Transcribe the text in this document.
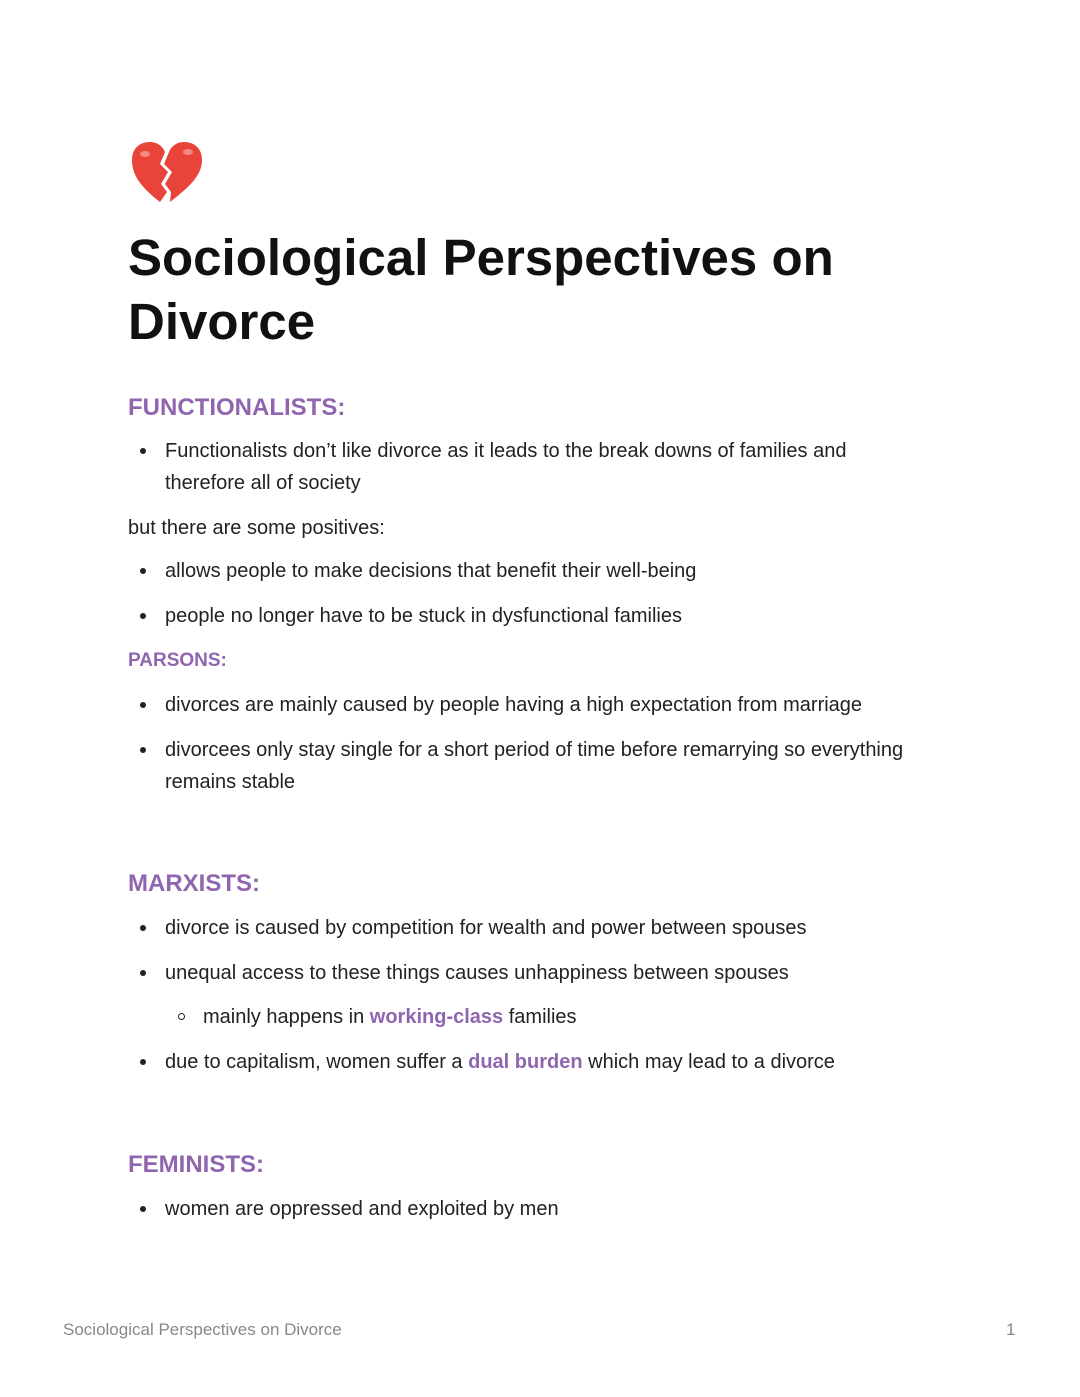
Sociological Perspectives on Divorce
FUNCTIONALISTS:
Functionalists don’t like divorce as it leads to the break downs of families and therefore all of society
but there are some positives:
allows people to make decisions that benefit their well-being
people no longer have to be stuck in dysfunctional families
PARSONS:
divorces are mainly caused by people having a high expectation from marriage
divorcees only stay single for a short period of time before remarrying so everything remains stable
MARXISTS:
divorce is caused by competition for wealth and power between spouses
unequal access to these things causes unhappiness between spouses
mainly happens in working-class families
due to capitalism, women suffer a dual burden which may lead to a divorce
FEMINISTS:
women are oppressed and exploited by men
Sociological Perspectives on Divorce	1
